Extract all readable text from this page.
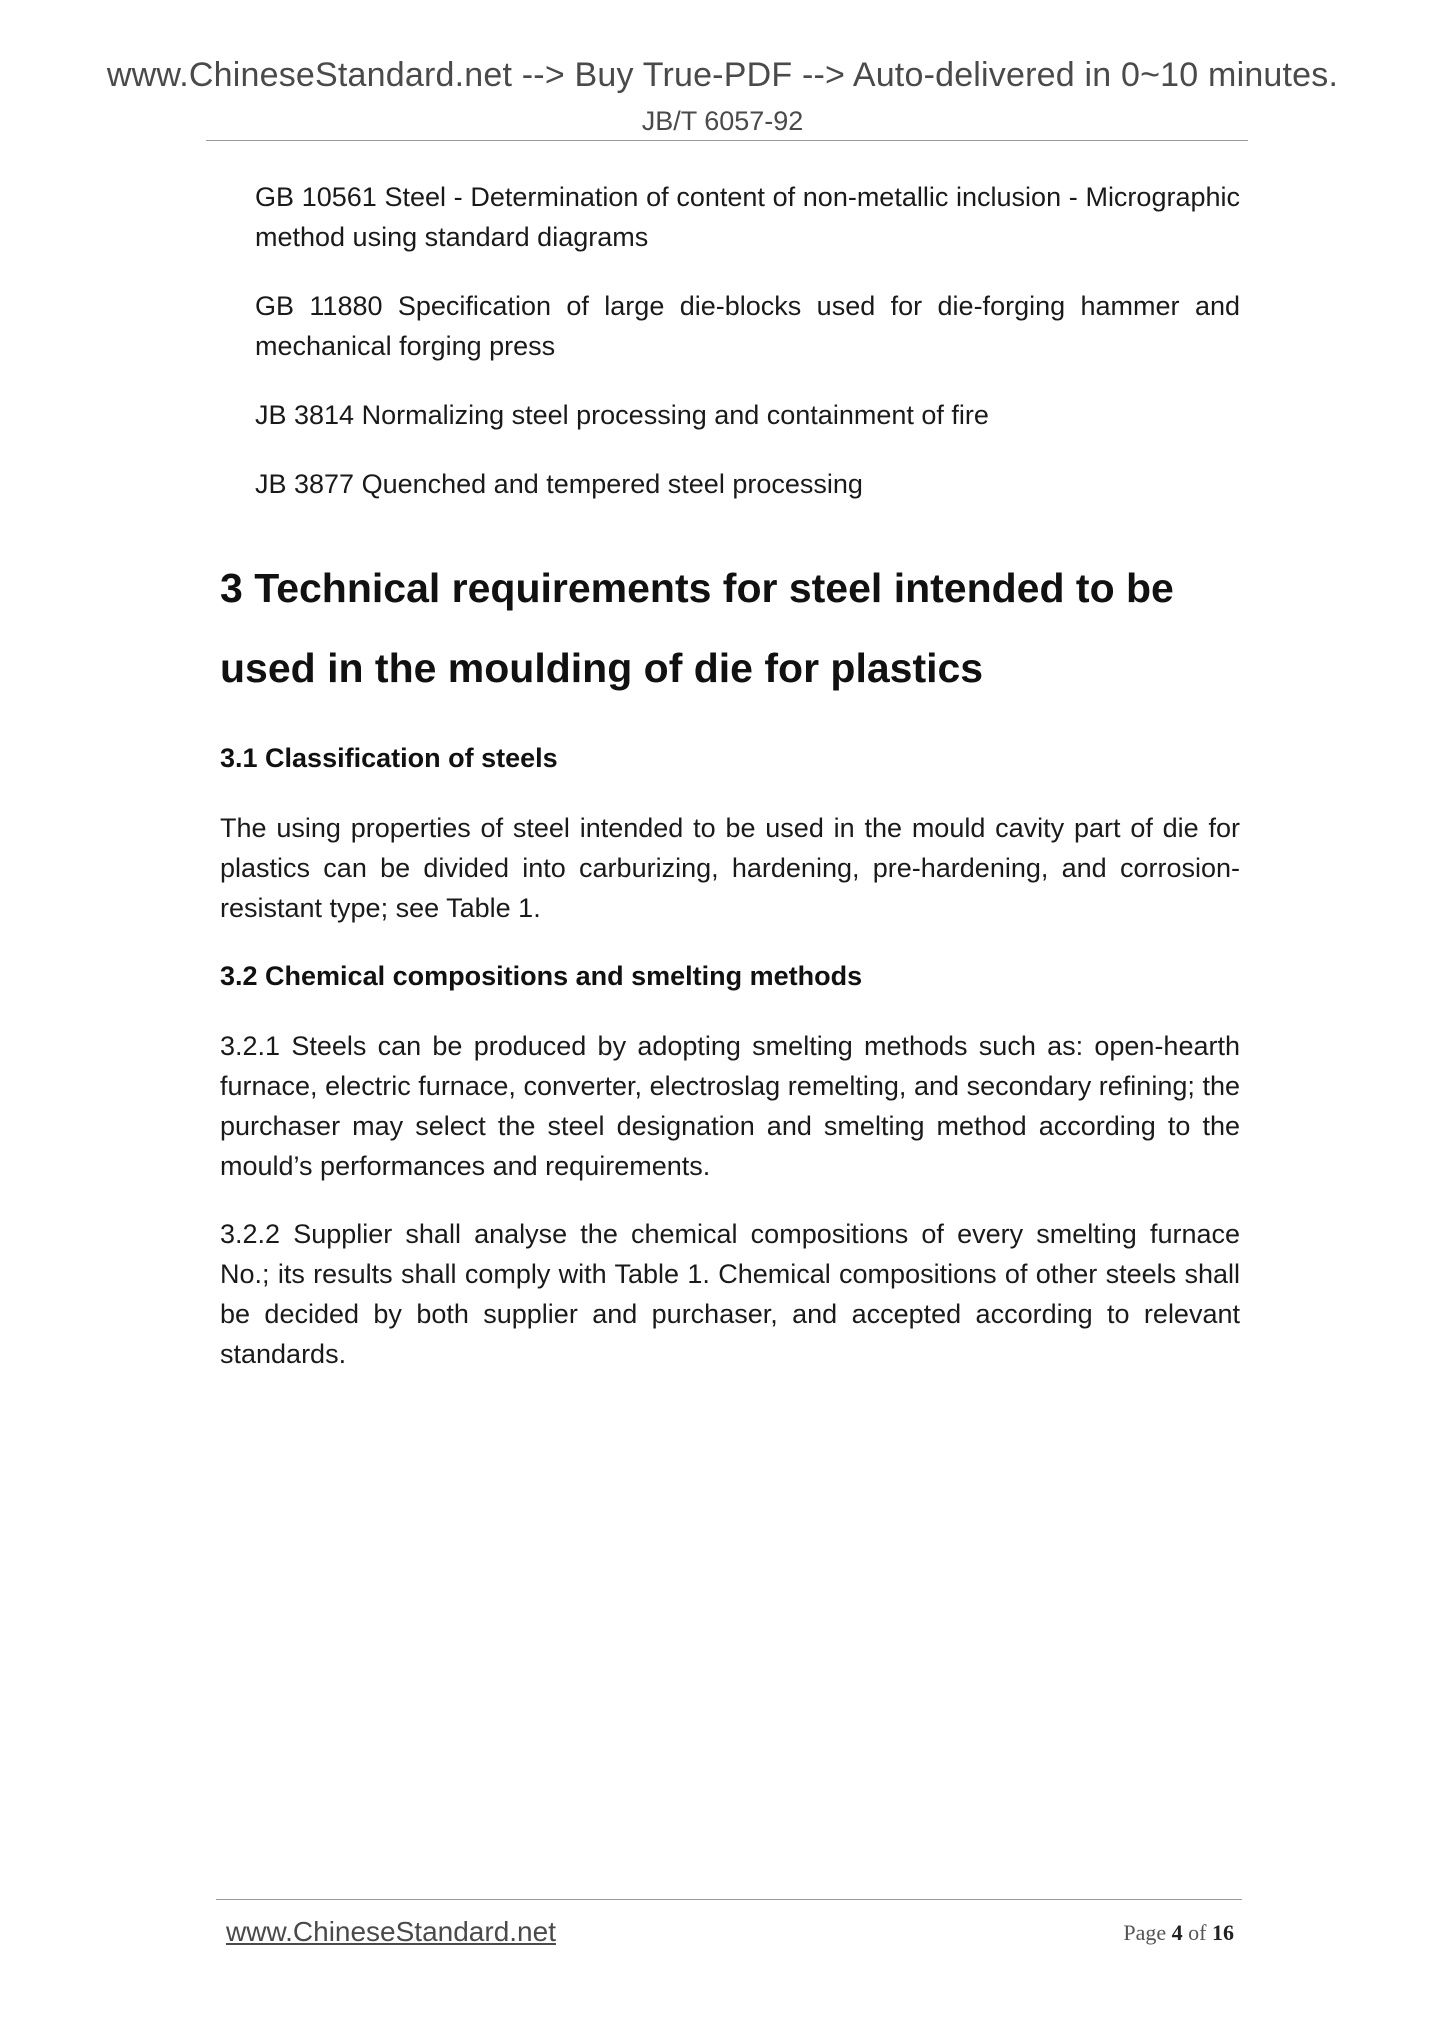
www.ChineseStandard.net --> Buy True-PDF --> Auto-delivered in 0~10 minutes.
JB/T 6057-92
GB 10561 Steel - Determination of content of non-metallic inclusion - Micrographic method using standard diagrams
GB 11880 Specification of large die-blocks used for die-forging hammer and mechanical forging press
JB 3814 Normalizing steel processing and containment of fire
JB 3877 Quenched and tempered steel processing
3 Technical requirements for steel intended to be used in the moulding of die for plastics
3.1 Classification of steels
The using properties of steel intended to be used in the mould cavity part of die for plastics can be divided into carburizing, hardening, pre-hardening, and corrosion-resistant type; see Table 1.
3.2 Chemical compositions and smelting methods
3.2.1 Steels can be produced by adopting smelting methods such as: open-hearth furnace, electric furnace, converter, electroslag remelting, and secondary refining; the purchaser may select the steel designation and smelting method according to the mould’s performances and requirements.
3.2.2 Supplier shall analyse the chemical compositions of every smelting furnace No.; its results shall comply with Table 1. Chemical compositions of other steels shall be decided by both supplier and purchaser, and accepted according to relevant standards.
www.ChineseStandard.net	Page 4 of 16
